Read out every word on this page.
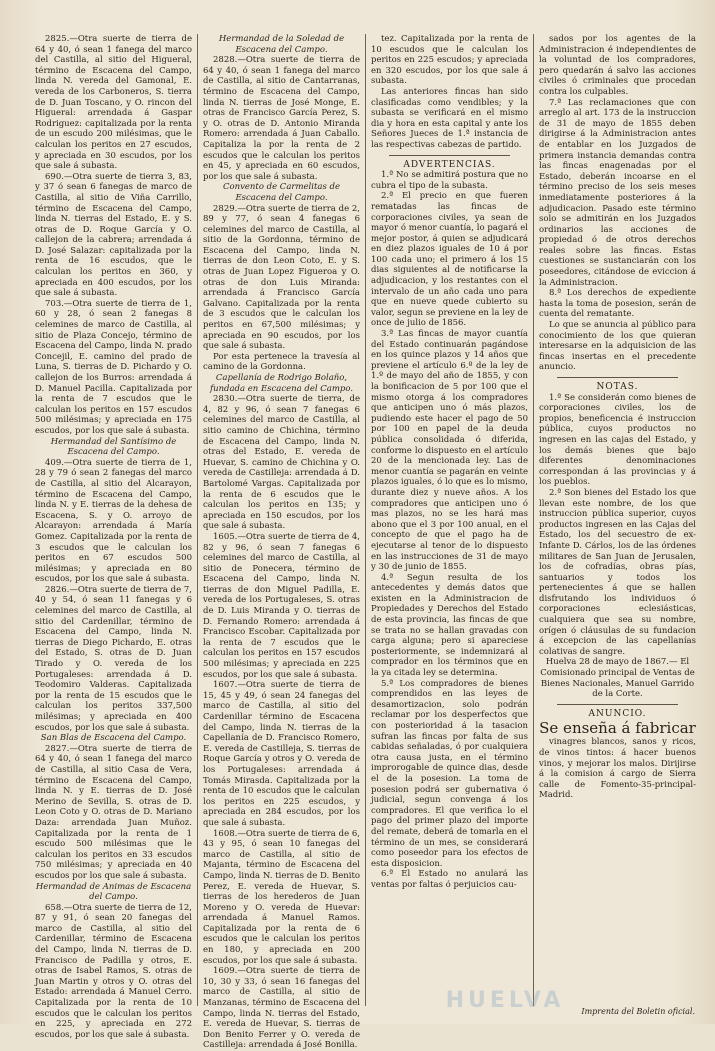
2825.—Otra suerte de tierra de 64 y 40, ó sean 1 fanega del marco del Castilla, al sitio del Higueral, término de Escacena del Campo, linda N. vereda del Gamonal, E. vereda de los Carboneros, S. tierra de D. Juan Toscano, y O. rincon del Higueral: arrendada á Gaspar Rodriguez: capitalizada por la renta de un escudo 200 milésimas, que le calculan los peritos en 27 escudos, y apreciada en 30 escudos, por los que sale á subasta.

690.—Otra suerte de tierra 3, 83, y 37 ó sean 6 fanegas de marco de Castilla, al sitio de Viña Carrillo, término de Escacena del Campo, linda N. tierras del Estado, E. y S. otras de D. Roque García y O. callejon de la cabrera; arrendada á D. José Salazar: capitalizada por la renta de 16 escudos, que le calculan los peritos en 360, y apreciada en 400 escudos, por los que sale á subasta.

703.—Otra suerte de tierra de 1, 60 y 28, ó sean 2 fanegas 8 celemines de marco de Castilla, al sitio de Plaza Concejo, término de Escacena del Campo, linda N. prado Concejil, E. camino del prado de Luna, S. tierras de D. Pichardo y O. callejon de los Burros: arrendada á D. Manuel Pacilla. Capitalizada por la renta de 7 escudos que le calculan los peritos en 157 escudos 500 milésimas; y apreciada en 175 escudos, por los que sale á subasta.

Hermandad del Santísimo de Escacena del Campo.

409.—Otra suerte de tierra de 1, 28 y 79 ó sean 2 fanegas del marco de Castilla, al sitio del Alcarayon, término de Escacena del Campo, linda N. y E. tierras de la dehesa de Escacena, S. y O. arroyo de Alcarayon: arrendada á María Gomez. Capitalizada por la renta de 3 escudos que le calculan los peritos en 67 escudos 500 milésimas; y apreciada en 80 escudos, por los que sale á subasta.

2826.—Otra suerte de tierra de 7, 40 y 54, ó sean 11 fanegas y 6 celemines del marco de Castilla, al sitio del Cardenillar, término de Escacena del Campo, linda N. tierras de Diego Pichardo, E. otras del Estado, S. otras de D. Juan Tirado y O. vereda de los Portugaleses: arrendada á D. Teodomiro Valderas. Capitalizada por la renta de 15 escudos que le calculan los peritos 337,500 milésimas; y apreciada en 400 escudos, por los que sale á subasta.

San Blas de Escacena del Campo.

2827.—Otra suerte de tierra de 64 y 40, ó sean 1 fanega del marco de Castilla, al sitio Casa de Vera, término de Escacena del Campo, linda N. y E. tierras de D. José Merino de Sevilla, S. otras de D. Leon Coto y O. otras de D. Mariano Daza: arrendada Juan Muñoz. Capitalizada por la renta de 1 escudo 500 milésimas que le calculan los peritos en 33 escudos 750 milésimas; y apreciada en 40 escudos por los que sale á subasta.

Hermandad de Animas de Escacena del Campo.

658.—Otra suerte de tierra de 12, 87 y 91, ó sean 20 fanegas del marco de Castilla, al sitio del Cardenillar, término de Escacena del Campo, linda N. tierras de D. Francisco de Padilla y otros, E. otras de Isabel Ramos, S. otras de Juan Martin y otros y O. otras del Estado: arrendada á Manuel Cerro. Capitalizada por la renta de 10 escudos que le calculan los peritos en 225, y apreciada en 272 escudos, por los que sale á subasta.

Hermandad de la Soledad de Escacena del Campo.

2828.—Otra suerte de tierra de 64 y 40, ó sean 1 fanega del marco de Castilla, al sitio de Cantarranas, término de Escacena del Campo, linda N. tierras de José Monge, E. otras de Francisco García Perez, S. y O. otras de D. Antonio Miranda Romero: arrendada á Juan Caballo. Capitaliza la por la renta de 2 escudos que le calculan los peritos en 45, y apreciada en 60 escudos, por los que sale á subasta.

Convento de Carmelitas de Escacena del Campo.

2829.—Otra suerte de tierra de 2, 89 y 77, ó sean 4 fanegas 6 celemines del marco de Castilla, al sitio de la Gordonna, término de Escacena del Campo, linda N. tierras de don Leon Coto, E. y S. otras de Juan Lopez Figueroa y O. otras de don Luis Miranda: arrendada á Francisco García Galvano. Capitalizada por la renta de 3 escudos que le calculan los peritos en 67,500 milésimas; y apreciada en 90 escudos, por los que sale á subasta.

Por esta pertenece la travesía al camino de la Gordonna.

Capellanía de Rodrigo Bolaño, fundada en Escacena del Campo.

2830.—Otra suerte de tierra, de 4, 82 y 96, ó sean 7 fanegas 6 celemines del marco de Castilla, al sitio camino de Chichina, término de Escacena del Campo, linda N. otras del Estado, E. vereda de Huevar, S. camino de Chichina y O. vereda de Castilleja: arrendada á D. Bartolomé Vargas. Capitalizada por la renta de 6 escudos que le calculan los peritos en 135; y apreciada en 150 escudos, por los que sale á subasta.

1605.—Otra suerte de tierra de 4, 82 y 96, ó sean 7 fanegas 6 celemines del marco de Castilla, al sitio de Ponecera, término de Escacena del Campo, linda N. tierras de don Miguel Padilla, E. vereda de los Portugaleses, S. otras de D. Luis Miranda y O. tierras de D. Fernando Romero: arrendada á Francisco Escobar. Capitalizada por la renta de 7 escudos que le calculan los peritos en 157 escudos 500 milésimas; y apreciada en 225 escudos, por los que sale á subasta.

1607.—Otra suerte de tierra de 15, 45 y 49, ó sean 24 fanegas del marco de Castilla, al sitio del Cardenillar término de Escacena del Campo, linda N. tierras de la Capellanía de D. Francisco Romero, E. vereda de Castilleja, S. tierras de Roque García y otros y O. vereda de los Portugaleses: arrendada á Tomás Mirasda. Capitalizada por la renta de 10 escudos que le calculan los peritos en 225 escudos, y apreciada en 284 escudos, por los que sale á subasta.

1608.—Otra suerte de tierra de 6, 43 y 95, ó sean 10 fanegas del marco de Castilla, al sitio de Majanta, término de Escacena del Campo, linda N. tierras de D. Benito Perez, E. vereda de Huevar, S. tierras de los herederos de Juan Moreno y O. vereda de Huevar: arrendada á Manuel Ramos. Capitalizada por la renta de 6 escudos que le calculan los peritos en 180, y apreciada en 200 escudos, por los que sale á subasta.

1609.—Otra suerte de tierra de 10, 30 y 33, ó sean 16 fanegas del marco de Castilla, al sitio de Manzanas, término de Escacena del Campo, linda N. tierras del Estado, E. vereda de Huevar, S. tierras de Don Benito Ferrer y O. vereda de Castilleja: arrendada á José Bonilla.

tez. Capitalizada por la renta de 10 escudos que le calculan los peritos en 225 escudos; y apreciada en 320 escudos, por los que sale á subasta.

Las anteriores fincas han sido clasificadas como vendibles; y la subasta se verificará en el mismo dia y hora en esta capital y ante los Señores Jueces de 1.ª instancia de las respectivas cabezas de partido.

ADVERTENCIAS.

1.ª No se admitirá postura que no cubra el tipo de la subasta.

2.ª El precio en que fueren rematadas las fincas de corporaciones civiles, ya sean de mayor ó menor cuantía, lo pagará el mejor postor, á quien se adjudicará en diez plazos iguales de 10 á por 100 cada uno; el primero á los 15 dias siguientes al de notificarse la adjudicacion, y los restantes con el intervalo de un año cada uno para que en nueve quede cubierto su valor, segun se previene en la ley de once de julio de 1856.

3.ª Las fincas de mayor cuantía del Estado continuarán pagándose en los quince plazos y 14 años que previene el artículo 6.º de la ley de 1.º de mayo del año de 1855, y con la bonificacion de 5 por 100 que el mismo otorga á los compradores que anticipen uno ó más plazos, pudiendo este hacer el pago de 50 por 100 en papel de la deuda pública consolidada ó diferida, conforme lo dispuesto en el artículo 20 de la mencionada ley. Las de menor cuantía se pagarán en veinte plazos iguales, ó lo que es lo mismo, durante diez y nueve años. A los compradores que anticipen uno ó mas plazos, no se les hará mas abono que el 3 por 100 anual, en el concepto de que el pago ha de ejecutarse al tenor de lo dispuesto en las instrucciones de 31 de mayo y 30 de junio de 1855.

4.ª Segun resulta de los antecedentes y demás datos que existen en la Administracion de Propiedades y Derechos del Estado de esta provincia, las fincas de que se trata no se hallan gravadas con carga alguna; pero si apareciese posteriormente, se indemnizará al comprador en los términos que en la ya citada ley se determina.

5.ª Los compradores de bienes comprendidos en las leyes de desamortizacion, solo podrán reclamar por los desperfectos que con posterioridad á la tasacion sufran las fincas por falta de sus cabidas señaladas, ó por cualquiera otra causa justa, en el término improrogable de quince dias, desde el de la posesion. La toma de posesion podrá ser gubernativa ó judicial, segun convenga á los compradores. El que verifica lo el pago del primer plazo del importe del remate, deberá de tomarla en el término de un mes, se considerará como poseedor para los efectos de esta disposicion.

6.ª El Estado no anulará las ventas por faltas ó perjuicios cau-

sados por los agentes de la Administracion é independientes de la voluntad de los compradores, pero quedarán á salvo las acciones civiles ó criminales que procedan contra los culpables.

7.ª Las reclamaciones que con arreglo al art. 173 de la instruccion de 31 de mayo de 1855 deben dirigirse á la Administracion antes de entablar en los Juzgados de primera instancia demandas contra las fincas enagenadas por el Estado, deberán incoarse en el término preciso de los seis meses inmediatamente posteriores á la adjudicacion. Pasado este término solo se admitirán en los Juzgados ordinarios las acciones de propiedad ó de otros derechos reales sobre las fincas. Estas cuestiones se sustanciarán con los poseedores, citándose de eviccion á la Administracion.

8.ª Los derechos de expediente hasta la toma de posesion, serán de cuenta del rematante.

Lo que se anuncia al público para conocimiento de los que quieran interesarse en la adquisicion de las fincas insertas en el precedente anuncio.

NOTAS.

1.ª Se considerán como bienes de corporaciones civiles, los de propios, beneficencia é instruccion pública, cuyos productos no ingresen en las cajas del Estado, y los demás bienes que bajo diferentes denominaciones correspondan á las provincias y á los pueblos.

2.ª Son bienes del Estado los que llevan este nombre, de los que instruccion pública superior, cuyos productos ingresen en las Cajas del Estado, los del secuestro de ex-Infante D. Cárlos, los de las órdenes militares de San Juan de Jerusalen, los de cofradías, obras pías, santuarios y todos los pertenecientes á que se hallen disfrutando los individuos ó corporaciones eclesiásticas, cualquiera que sea su nombre, orígen ó cláusulas de su fundacion á excepcion de las capellanías colativas de sangre.

Huelva 28 de mayo de 1867.— El Comisionado principal de Ventas de Bienes Nacionales, Manuel Garrido de la Corte.

ANUNCIO.

Se enseña á fabricar

vinagres blancos, sanos y ricos, de vinos tintos: á hacer buenos vinos, y mejorar los malos. Dirijirse á la comision á cargo de Sierra calle de Fomento-35-principal-Madrid.

HUELVA Imprenta del Boletin oficial.
